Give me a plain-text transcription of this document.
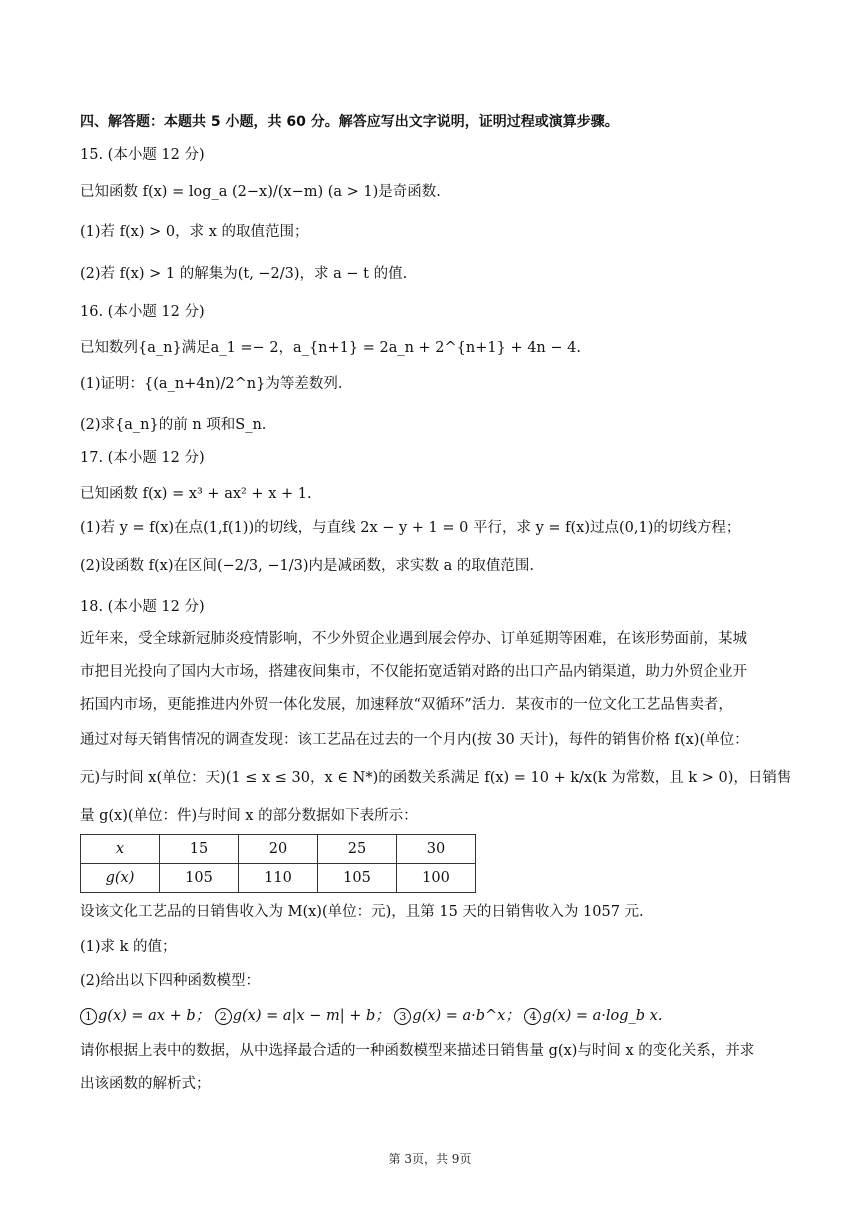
四、解答题：本题共 5 小题，共 60 分。解答应写出文字说明，证明过程或演算步骤。
15. (本小题 12 分)
已知函数 f(x) = log_a (2−x)/(x−m) (a > 1)是奇函数.
(1)若 f(x) > 0，求 x 的取值范围；
(2)若 f(x) > 1 的解集为(t, −2/3)，求 a − t 的值.
16. (本小题 12 分)
已知数列{a_n}满足a_1 =− 2，a_{n+1} = 2a_n + 2^{n+1} + 4n − 4.
(1)证明：{(a_n+4n)/2^n}为等差数列.
(2)求{a_n}的前 n 项和S_n.
17. (本小题 12 分)
已知函数 f(x) = x³ + ax² + x + 1.
(1)若 y = f(x)在点(1,f(1))的切线，与直线 2x − y + 1 = 0 平行，求 y = f(x)过点(0,1)的切线方程；
(2)设函数 f(x)在区间(−2/3, −1/3)内是减函数，求实数 a 的取值范围.
18. (本小题 12 分)
近年来，受全球新冠肺炎疫情影响，不少外贸企业遇到展会停办、订单延期等困难，在该形势面前，某城
市把目光投向了国内大市场，搭建夜间集市，不仅能拓宽适销对路的出口产品内销渠道，助力外贸企业开
拓国内市场，更能推进内外贸一体化发展，加速释放“双循环”活力．某夜市的一位文化工艺品售卖者，
通过对每天销售情况的调查发现：该工艺品在过去的一个月内(按 30 天计)，每件的销售价格 f(x)(单位：
元)与时间 x(单位：天)(1 ≤ x ≤ 30，x ∈ N*)的函数关系满足 f(x) = 10 + k/x(k 为常数，且 k > 0)，日销售
量 g(x)(单位：件)与时间 x 的部分数据如下表所示：
x	15	20	25	30
g(x)	105	110	105	100
设该文化工艺品的日销售收入为 M(x)(单位：元)，且第 15 天的日销售收入为 1057 元.
(1)求 k 的值；
(2)给出以下四种函数模型：
1 g(x) = ax + b； 2 g(x) = a|x − m| + b； 3 g(x) = a·b^x； 4 g(x) = a·log_b x.
请你根据上表中的数据，从中选择最合适的一种函数模型来描述日销售量 g(x)与时间 x 的变化关系，并求
出该函数的解析式；
第 3页，共 9页
